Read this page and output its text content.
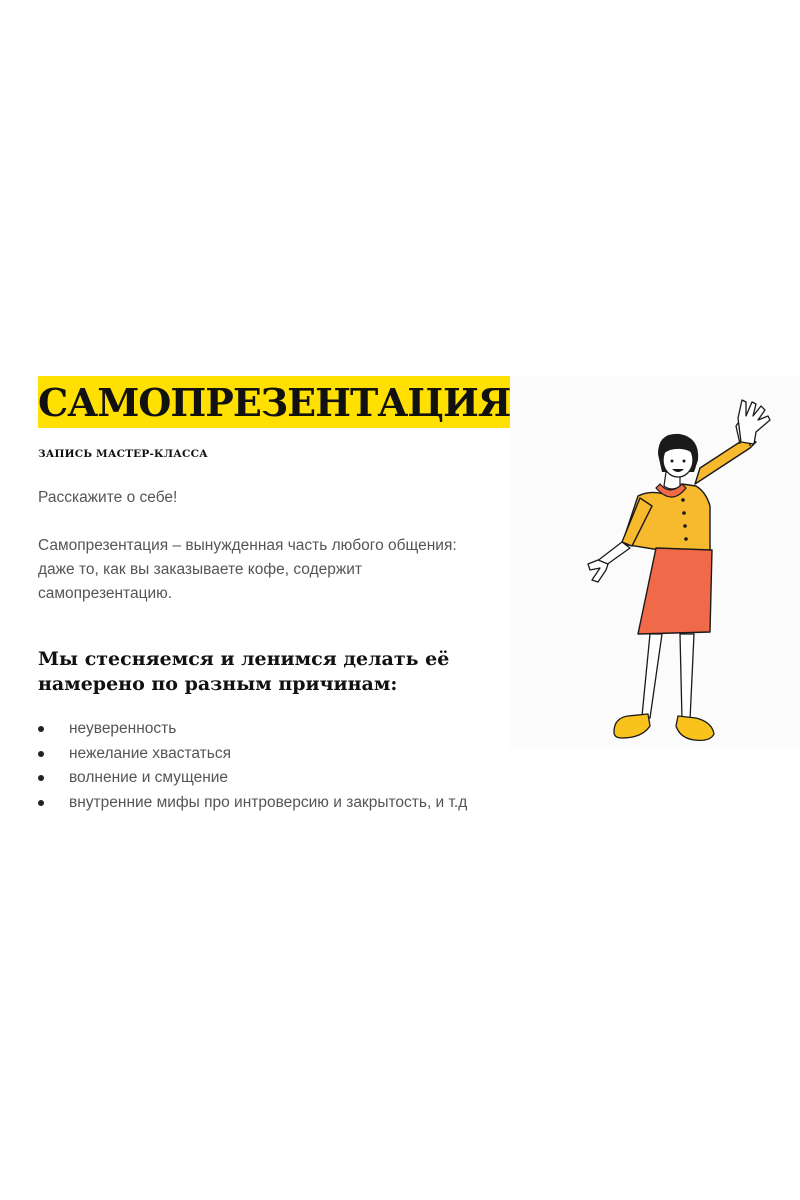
САМОПРЕЗЕНТАЦИЯ
ЗАПИСЬ МАСТЕР-КЛАССА
Расскажите о себе!
Самопрезентация – вынужденная часть любого общения: даже то, как вы заказываете кофе, содержит самопрезентацию.
Мы стесняемся и ленимся делать её намерено по разным причинам:
неуверенность
нежелание хвастаться
волнение и смущение
внутренние мифы про интроверсию и закрытость, и т.д
